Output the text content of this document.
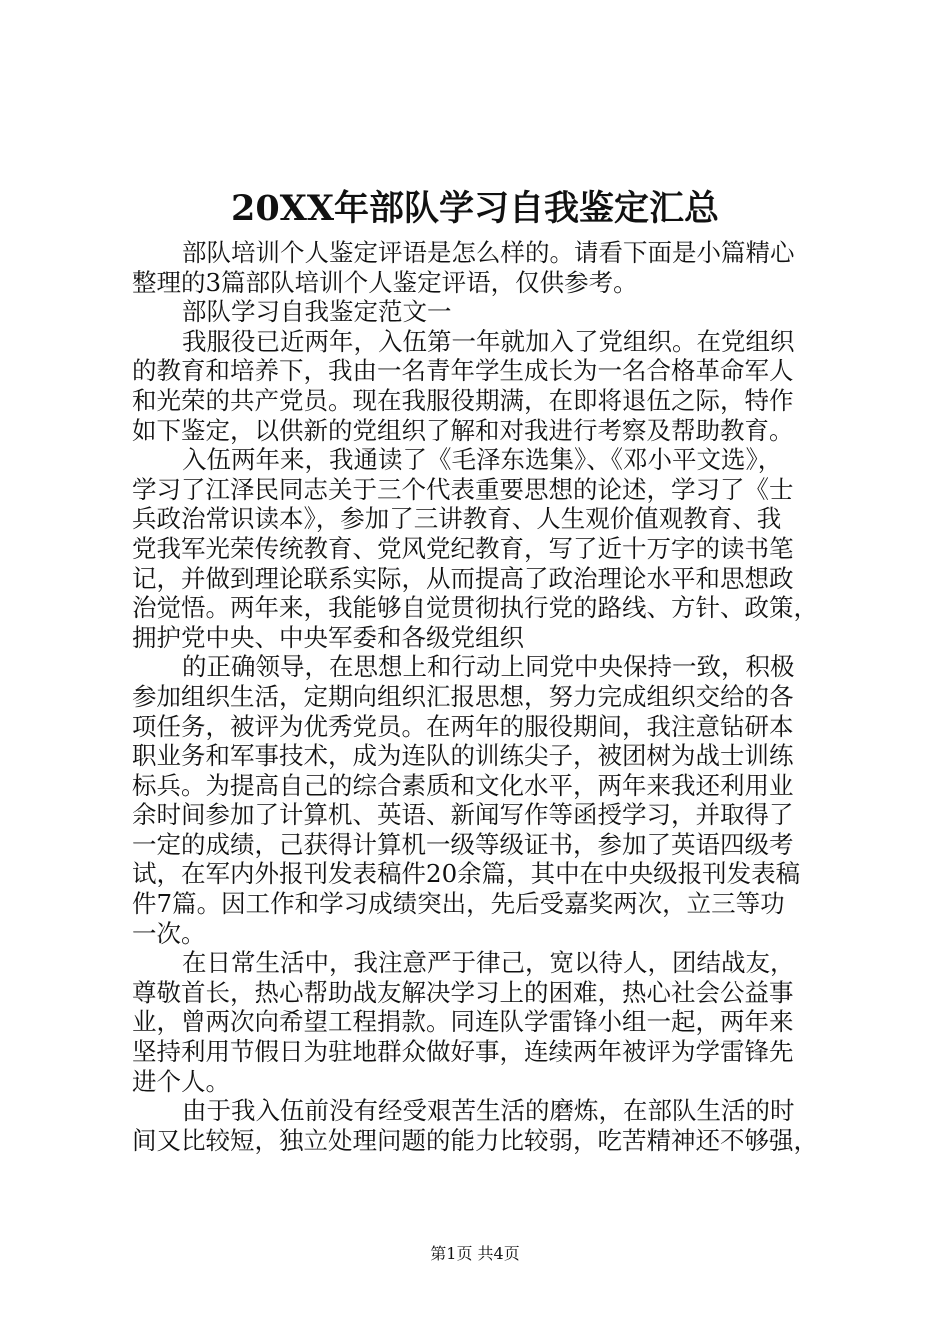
20XX年部队学习自我鉴定汇总
部队培训个人鉴定评语是怎么样的。请看下面是小篇精心
整理的3篇部队培训个人鉴定评语，仅供参考。
部队学习自我鉴定范文一
我服役已近两年，入伍第一年就加入了党组织。在党组织
的教育和培养下，我由一名青年学生成长为一名合格革命军人
和光荣的共产党员。现在我服役期满，在即将退伍之际，特作
如下鉴定，以供新的党组织了解和对我进行考察及帮助教育。
入伍两年来，我通读了《毛泽东选集》、《邓小平文选》，
学习了江泽民同志关于三个代表重要思想的论述，学习了《士
兵政治常识读本》，参加了三讲教育、人生观价值观教育、我
党我军光荣传统教育、党风党纪教育，写了近十万字的读书笔
记，并做到理论联系实际，从而提高了政治理论水平和思想政
治觉悟。两年来，我能够自觉贯彻执行党的路线、方针、政策，
拥护党中央、中央军委和各级党组织
的正确领导，在思想上和行动上同党中央保持一致，积极
参加组织生活，定期向组织汇报思想，努力完成组织交给的各
项任务，被评为优秀党员。在两年的服役期间，我注意钻研本
职业务和军事技术，成为连队的训练尖子，被团树为战士训练
标兵。为提高自己的综合素质和文化水平，两年来我还利用业
余时间参加了计算机、英语、新闻写作等函授学习，并取得了
一定的成绩，己获得计算机一级等级证书，参加了英语四级考
试，在军内外报刊发表稿件20余篇，其中在中央级报刊发表稿
件7篇。因工作和学习成绩突出，先后受嘉奖两次，立三等功
一次。
在日常生活中，我注意严于律己，宽以待人，团结战友，
尊敬首长，热心帮助战友解决学习上的困难，热心社会公益事
业，曾两次向希望工程捐款。同连队学雷锋小组一起，两年来
坚持利用节假日为驻地群众做好事，连续两年被评为学雷锋先
进个人。
由于我入伍前没有经受艰苦生活的磨炼，在部队生活的时
间又比较短，独立处理问题的能力比较弱，吃苦精神还不够强，
第1页 共4页
